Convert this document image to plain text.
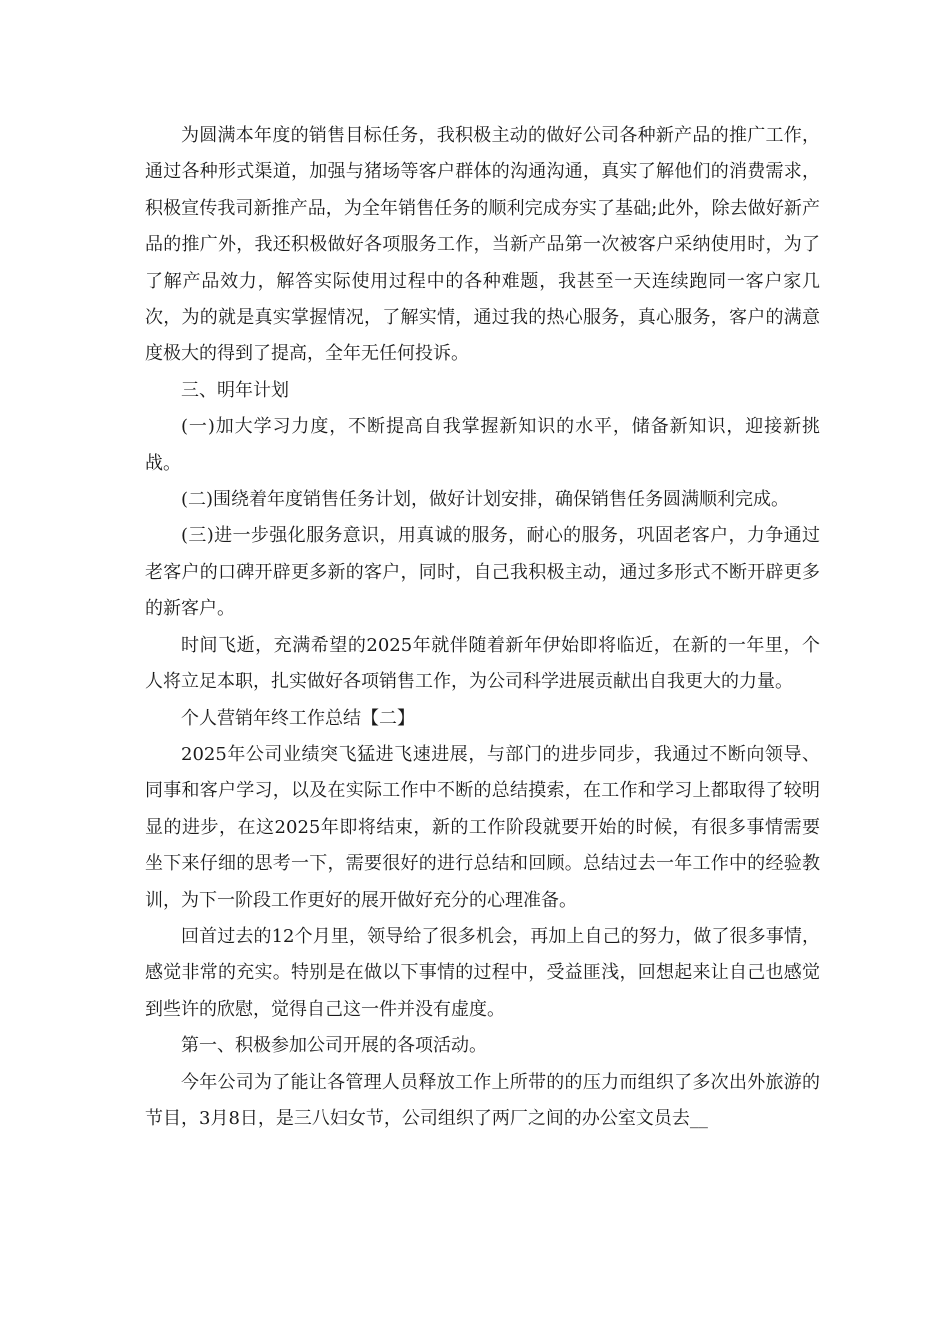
为圆满本年度的销售目标任务，我积极主动的做好公司各种新产品的推广工作，通过各种形式渠道，加强与猪场等客户群体的沟通沟通，真实了解他们的消费需求，积极宣传我司新推产品，为全年销售任务的顺利完成夯实了基础;此外，除去做好新产品的推广外，我还积极做好各项服务工作，当新产品第一次被客户采纳使用时，为了了解产品效力，解答实际使用过程中的各种难题，我甚至一天连续跑同一客户家几次，为的就是真实掌握情况，了解实情，通过我的热心服务，真心服务，客户的满意度极大的得到了提高，全年无任何投诉。

三、明年计划

(一)加大学习力度，不断提高自我掌握新知识的水平，储备新知识，迎接新挑战。

(二)围绕着年度销售任务计划，做好计划安排，确保销售任务圆满顺利完成。

(三)进一步强化服务意识，用真诚的服务，耐心的服务，巩固老客户，力争通过老客户的口碑开辟更多新的客户，同时，自己我积极主动，通过多形式不断开辟更多的新客户。

时间飞逝，充满希望的2025年就伴随着新年伊始即将临近，在新的一年里，个人将立足本职，扎实做好各项销售工作，为公司科学进展贡献出自我更大的力量。

个人营销年终工作总结【二】

2025年公司业绩突飞猛进飞速进展，与部门的进步同步，我通过不断向领导、同事和客户学习，以及在实际工作中不断的总结摸索，在工作和学习上都取得了较明显的进步，在这2025年即将结束，新的工作阶段就要开始的时候，有很多事情需要坐下来仔细的思考一下，需要很好的进行总结和回顾。总结过去一年工作中的经验教训，为下一阶段工作更好的展开做好充分的心理准备。

回首过去的12个月里，领导给了很多机会，再加上自己的努力，做了很多事情，感觉非常的充实。特别是在做以下事情的过程中，受益匪浅，回想起来让自己也感觉到些许的欣慰，觉得自己这一件并没有虚度。

第一、积极参加公司开展的各项活动。

今年公司为了能让各管理人员释放工作上所带的的压力而组织了多次出外旅游的节目，3月8日，是三八妇女节，公司组织了两厂之间的办公室文员去__
